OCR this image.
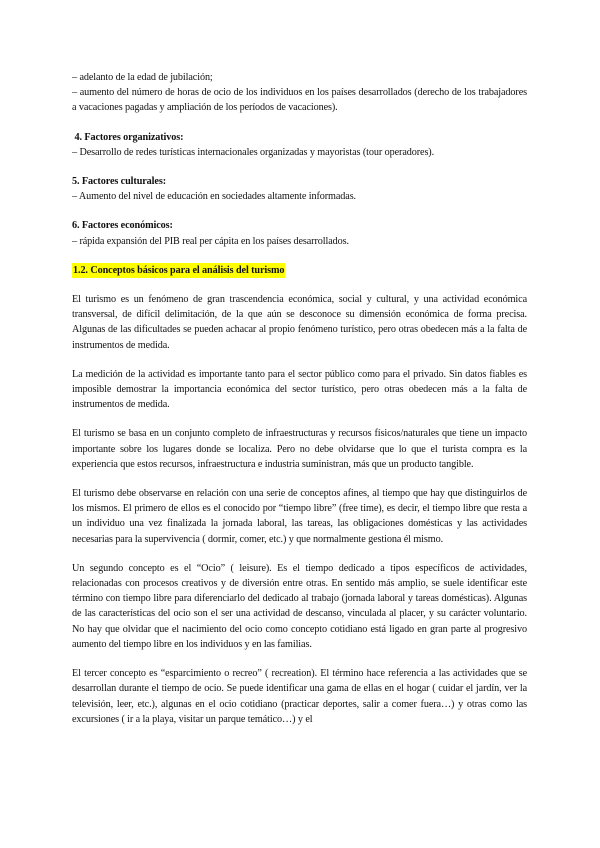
– adelanto de la edad de jubilación;

– aumento del número de horas de ocio de los individuos en los países desarrollados (derecho de los trabajadores a vacaciones pagadas y ampliación de los períodos de vacaciones).

4. Factores organizativos:

– Desarrollo de redes turísticas internacionales organizadas y mayoristas (tour operadores).

5. Factores culturales:

– Aumento del nivel de educación en sociedades altamente informadas.

6. Factores económicos:

– rápida expansión del PIB real per cápita en los países desarrollados.

1.2. Conceptos básicos para el análisis del turismo

El turismo es un fenómeno de gran trascendencia económica, social y cultural, y una actividad económica transversal, de difícil delimitación, de la que aún se desconoce su dimensión económica de forma precisa. Algunas de las dificultades se pueden achacar al propio fenómeno turístico, pero otras obedecen más a la falta de instrumentos de medida.

La medición de la actividad es importante tanto para el sector público como para el privado. Sin datos fiables es imposible demostrar la importancia económica del sector turístico, pero otras obedecen más a la falta de instrumentos de medida.

El turismo se basa en un conjunto completo de infraestructuras y recursos físicos/naturales que tiene un impacto importante sobre los lugares donde se localiza. Pero no debe olvidarse que lo que el turista compra es la experiencia que estos recursos, infraestructura e industria suministran, más que un producto tangible.

El turismo debe observarse en relación con una serie de conceptos afines, al tiempo que hay que distinguirlos de los mismos. El primero de ellos es el conocido por “tiempo libre” (free time), es decir, el tiempo libre que resta a un individuo una vez finalizada la jornada laboral, las tareas, las obligaciones domésticas y las actividades necesarias para la supervivencia ( dormir, comer, etc.) y que normalmente gestiona él mismo.

Un segundo concepto es el “Ocio” ( leisure). Es el tiempo dedicado a tipos específicos de actividades, relacionadas con procesos creativos y de diversión entre otras. En sentido más amplio, se suele identificar este término con tiempo libre para diferenciarlo del dedicado al trabajo (jornada laboral y tareas domésticas). Algunas de las características del ocio son el ser una actividad de descanso, vinculada al placer, y su carácter voluntario. No hay que olvidar que el nacimiento del ocio como concepto cotidiano está ligado en gran parte al progresivo aumento del tiempo libre en los individuos y en las familias.

El tercer concepto es “esparcimiento o recreo” ( recreation). El término hace referencia a las actividades que se desarrollan durante el tiempo de ocio. Se puede identificar una gama de ellas en el hogar ( cuidar el jardín, ver la televisión, leer, etc.), algunas en el ocio cotidiano (practicar deportes, salir a comer fuera…) y otras como las excursiones ( ir a la playa, visitar un parque temático…) y el
